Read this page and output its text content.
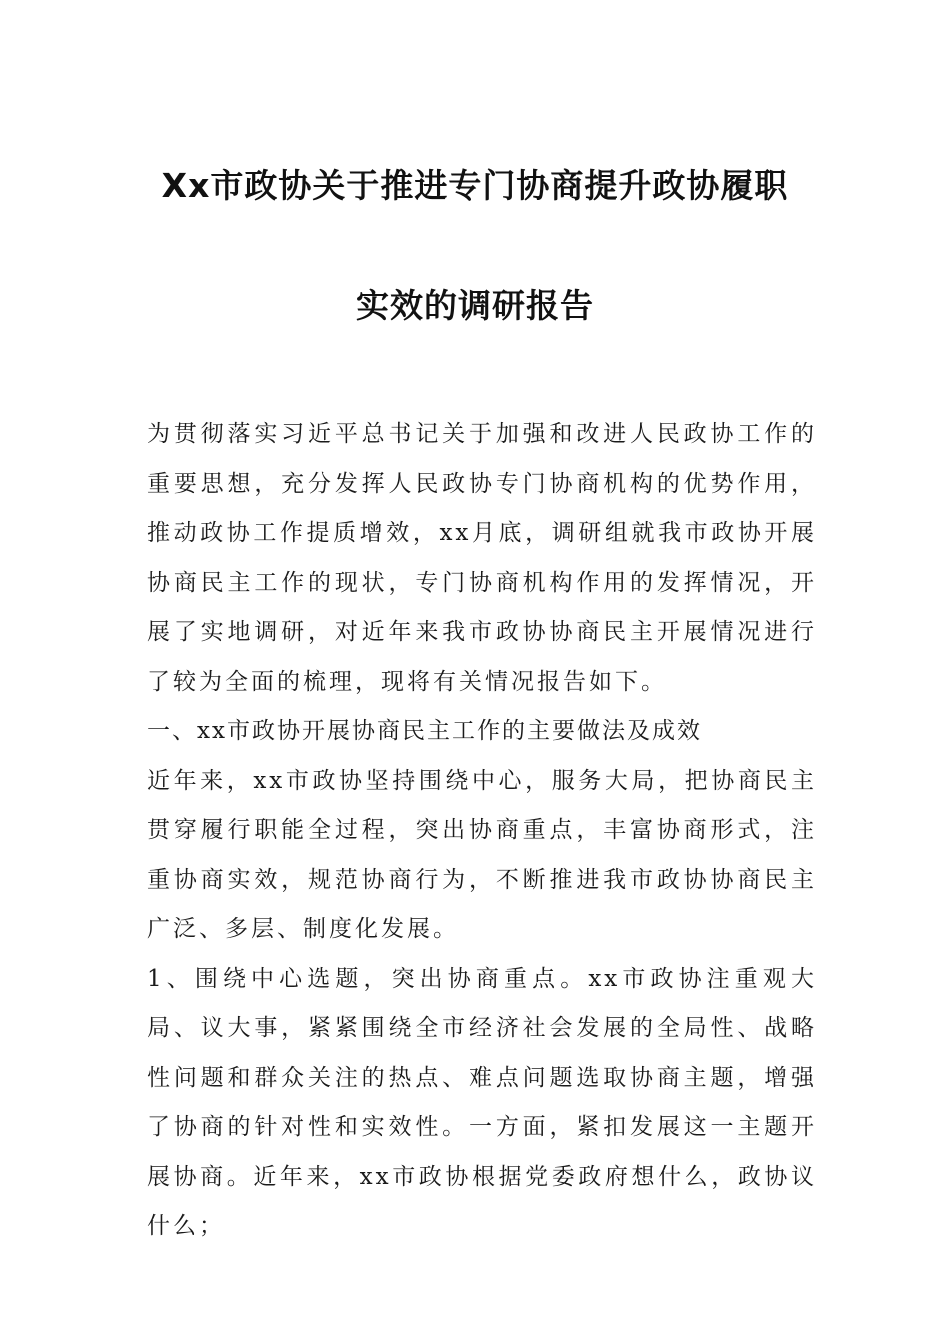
Xx市政协关于推进专门协商提升政协履职
实效的调研报告

为贯彻落实习近平总书记关于加强和改进人民政协工作的重要思想，充分发挥人民政协专门协商机构的优势作用，推动政协工作提质增效，xx月底，调研组就我市政协开展协商民主工作的现状，专门协商机构作用的发挥情况，开展了实地调研，对近年来我市政协协商民主开展情况进行了较为全面的梳理，现将有关情况报告如下。

一、xx市政协开展协商民主工作的主要做法及成效

近年来，xx市政协坚持围绕中心，服务大局，把协商民主贯穿履行职能全过程，突出协商重点，丰富协商形式，注重协商实效，规范协商行为，不断推进我市政协协商民主广泛、多层、制度化发展。

1、围绕中心选题，突出协商重点。xx市政协注重观大局、议大事，紧紧围绕全市经济社会发展的全局性、战略性问题和群众关注的热点、难点问题选取协商主题，增强了协商的针对性和实效性。一方面，紧扣发展这一主题开展协商。近年来，xx市政协根据党委政府想什么，政协议什么；
